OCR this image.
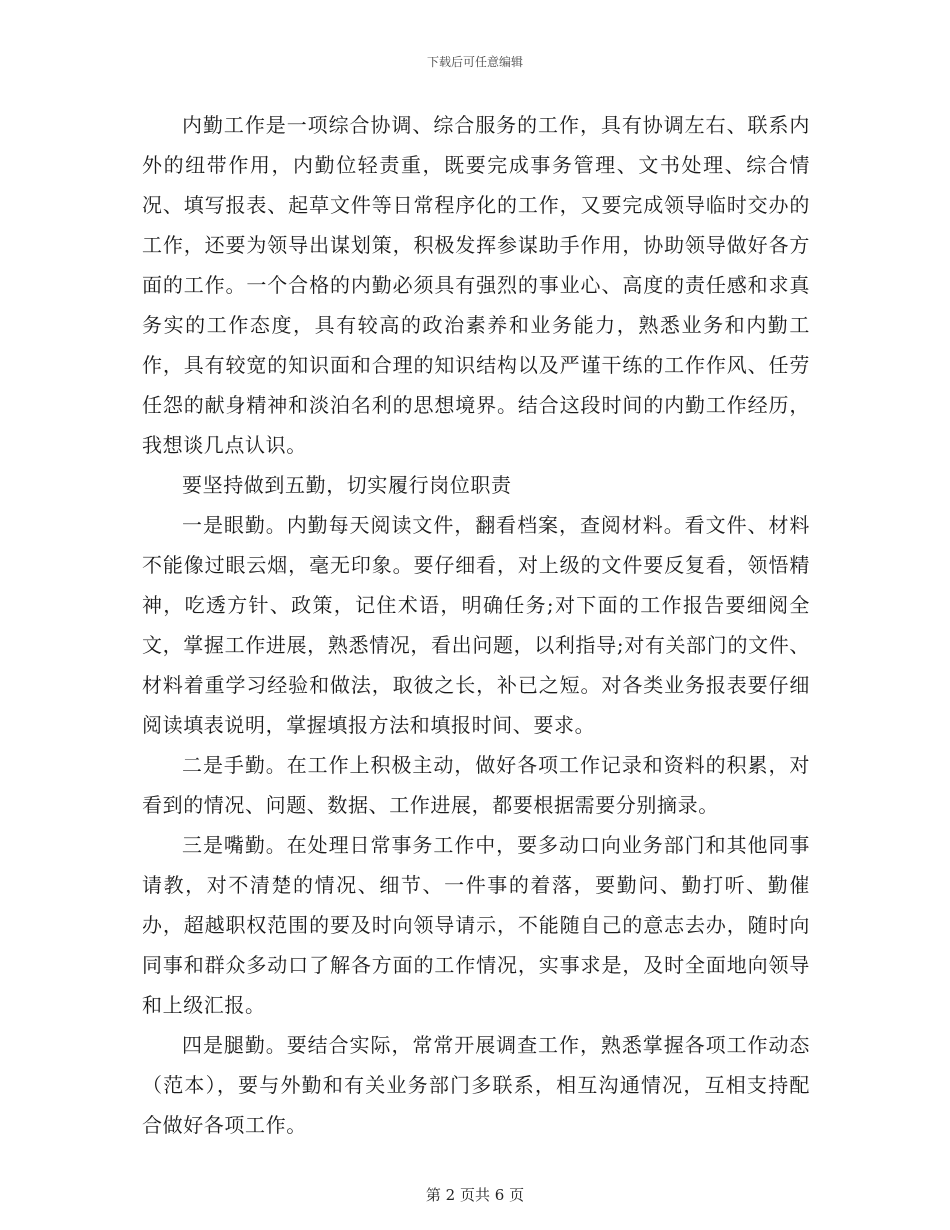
下载后可任意编辑

内勤工作是一项综合协调、综合服务的工作，具有协调左右、联系内外的纽带作用，内勤位轻责重，既要完成事务管理、文书处理、综合情况、填写报表、起草文件等日常程序化的工作，又要完成领导临时交办的工作，还要为领导出谋划策，积极发挥参谋助手作用，协助领导做好各方面的工作。一个合格的内勤必须具有强烈的事业心、高度的责任感和求真务实的工作态度，具有较高的政治素养和业务能力，熟悉业务和内勤工作，具有较宽的知识面和合理的知识结构以及严谨干练的工作作风、任劳任怨的献身精神和淡泊名利的思想境界。结合这段时间的内勤工作经历，我想谈几点认识。

要坚持做到五勤，切实履行岗位职责

一是眼勤。内勤每天阅读文件，翻看档案，查阅材料。看文件、材料不能像过眼云烟，毫无印象。要仔细看，对上级的文件要反复看，领悟精神，吃透方针、政策，记住术语，明确任务;对下面的工作报告要细阅全文，掌握工作进展，熟悉情况，看出问题，以利指导;对有关部门的文件、材料着重学习经验和做法，取彼之长，补已之短。对各类业务报表要仔细阅读填表说明，掌握填报方法和填报时间、要求。

二是手勤。在工作上积极主动，做好各项工作记录和资料的积累，对看到的情况、问题、数据、工作进展，都要根据需要分别摘录。

三是嘴勤。在处理日常事务工作中，要多动口向业务部门和其他同事请教，对不清楚的情况、细节、一件事的着落，要勤问、勤打听、勤催办，超越职权范围的要及时向领导请示，不能随自己的意志去办，随时向同事和群众多动口了解各方面的工作情况，实事求是，及时全面地向领导和上级汇报。

四是腿勤。要结合实际，常常开展调查工作，熟悉掌握各项工作动态（范本），要与外勤和有关业务部门多联系，相互沟通情况，互相支持配合做好各项工作。

第 2 页共 6 页
